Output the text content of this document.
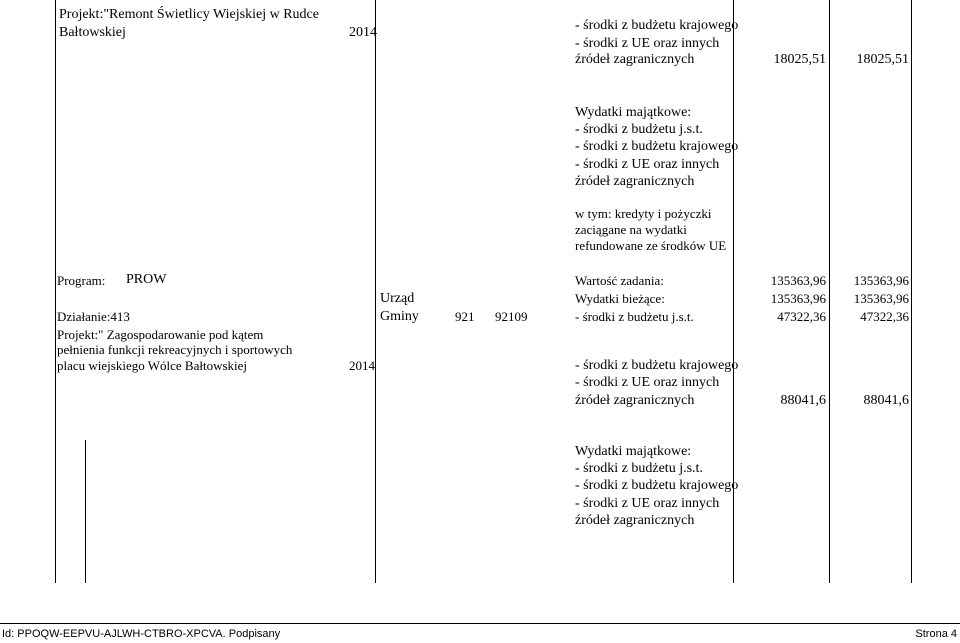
Projekt:"Remont Świetlicy Wiejskiej w Rudce
Bałtowskiej	2014	- środki z budżetu krajowego
- środki z UE oraz innych
źródeł zagranicznych	18025,51	18025,51
Wydatki majątkowe:
- środki z budżetu j.s.t.
- środki z budżetu krajowego
- środki z UE oraz innych
źródeł zagranicznych
w tym: kredyty i pożyczki
zaciągane na wydatki
refundowane ze środków UE
Program: PROW
Działanie:413
Urząd
Gminy	921 92109
Projekt:" Zagospodarowanie pod kątem
pełnienia funkcji rekreacyjnych i sportowych
placu wiejskiego Wólce Bałtowskiej	2014
Wartość zadania:	135363,96	135363,96
Wydatki bieżące:	135363,96	135363,96
- środki z budżetu j.s.t.	47322,36	47322,36
- środki z budżetu krajowego
- środki z UE oraz innych
źródeł zagranicznych	88041,6	88041,6
Wydatki majątkowe:
- środki z budżetu j.s.t.
- środki z budżetu krajowego
- środki z UE oraz innych
źródeł zagranicznych
Id: PPOQW-EEPVU-AJLWH-CTBRO-XPCVA. Podpisany	Strona 4
